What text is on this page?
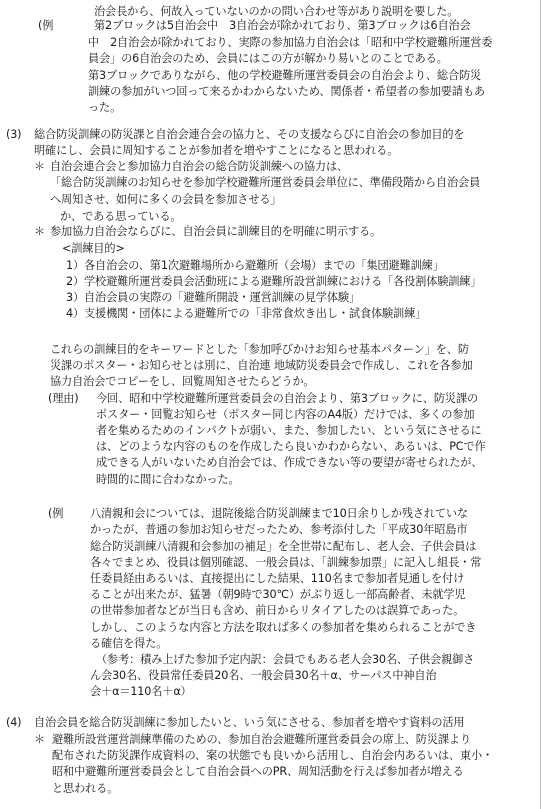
治会長から、何故入っていないのかの問い合わせ等があり説明を要した。
(例	第2ブロックは5自治会中　3自治会が除かれており、第3ブロックは6自治会
中　2自治会が除かれており、実際の参加協力自治会は「昭和中学校避難所運営委
員会」の6自治会のため、会員にはこの方が解かり易いとのことである。
第3ブロックでありながら、他の学校避難所運営委員会の自治会より、総合防災
訓練の参加がいつ回って来るかわからないため、関係者・希望者の参加要請もあ
った。
(3) 総合防災訓練の防災課と自治会連合会の協力と、その支援ならびに自治会の参加目的を
明確にし、会員に周知することが参加者を増やすことになると思われる。
＊ 自治会連合会と参加協力自治会の総合防災訓練への協力は、
「総合防災訓練のお知らせを参加学校避難所運営委員会単位に、準備段階から自治会員
へ周知させ、如何に多くの会員を参加させる」
か、である思っている。
＊ 参加協力自治会ならびに、自治会員に訓練目的を明確に明示する。
<訓練目的>
1）各自治会の、第1次避難場所から避難所（会場）までの「集団避難訓練」
2）学校避難所運営委員会活動班による避難所設営訓練における「各役割体験訓練」
3）自治会員の実際の「避難所開設・運営訓練の見学体験」
4）支援機関・団体による避難所での「非常食炊き出し・試食体験訓練」
これらの訓練目的をキーワードとした「参加呼びかけお知らせ基本パターン」を、防
災課のポスター・お知らせとは別に、自治連 地域防災委員会で作成し、これを各参加
協力自治会でコピーをし、回覧周知させたらどうか。
(理由) 今回、昭和中学校避難所運営委員会の自治会より、第3ブロックに、防災課の
ポスター・回覧お知らせ（ポスター同じ内容のA4版）だけでは、多くの参加
者を集めるためのインパクトが弱い、また、参加したい、という気にさせるに
は、どのような内容のものを作成したら良いかわからない、あるいは、PCで作
成できる人がいないため自治会では、作成できない等の要望が寄せられたが、
時間的に間に合わなかった。
(例 八清親和会については、退院後総合防災訓練まで10日余りしか残されていな
かったが、普通の参加お知らせだったため、参考添付した「平成30年昭島市
総合防災訓練八清親和会参加の補足」を全世帯に配布し、老人会、子供会員は
各々でまとめ、役員は個別確認、一般会員は、「訓練参加票」に記入し組長・常
任委員経由あるいは、直接提出にした結果、110名まで参加者見通しを付け
ることが出来たが、猛暑（朝9時で30℃）がぶり返し一部高齢者、未就学児
の世帯参加者などが当日も含め、前日からリタイアしたのは誤算であった。
しかし、このような内容と方法を取れば多くの参加者を集められることができ
る確信を得た。
（参考：積み上げた参加予定内訳：会員でもある老人会30名、子供会親御さ
ん会30名、役員常任委員20名、一般会員30名＋α、サーパス中神自治
会＋α＝110名＋α）
(4) 自治会員を総合防災訓練に参加したいと、いう気にさせる、参加者を増やす資料の活用
＊ 避難所設営運営訓練準備のための、参加自治会避難所運営委員会の席上、防災課より
配布された防災課作成資料の、案の状態でも良いから活用し、自治会内あるいは、東小・
昭和中避難所運営委員会として自治会員へのPR、周知活動を行えば参加者が増える
と思われる。
